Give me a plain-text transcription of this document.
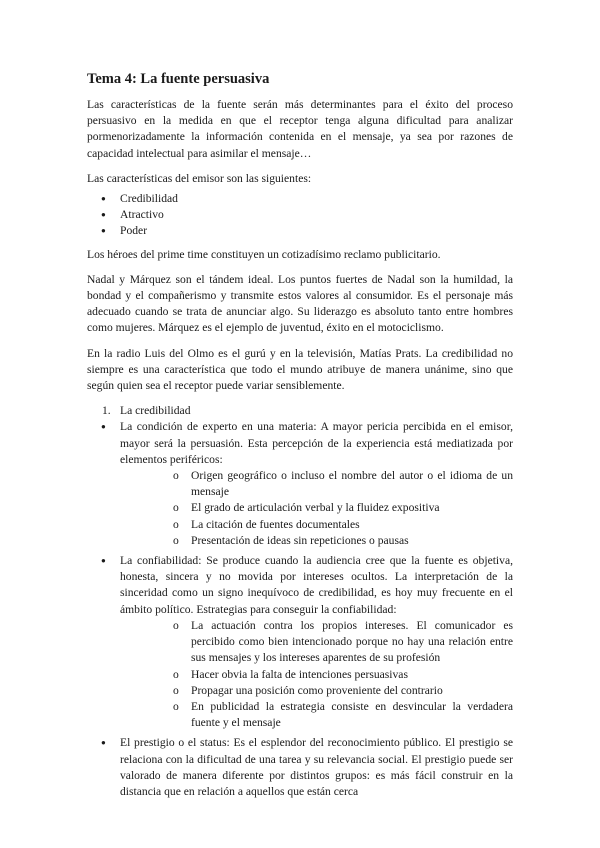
Tema 4: La fuente persuasiva

Las características de la fuente serán más determinantes para el éxito del proceso persuasivo en la medida en que el receptor tenga alguna dificultad para analizar pormenorizadamente la información contenida en el mensaje, ya sea por razones de capacidad intelectual para asimilar el mensaje…

Las características del emisor son las siguientes:

● Credibilidad
● Atractivo
● Poder

Los héroes del prime time constituyen un cotizadísimo reclamo publicitario.

Nadal y Márquez son el tándem ideal. Los puntos fuertes de Nadal son la humildad, la bondad y el compañerismo y transmite estos valores al consumidor. Es el personaje más adecuado cuando se trata de anunciar algo. Su liderazgo es absoluto tanto entre hombres como mujeres. Márquez es el ejemplo de juventud, éxito en el motociclismo.

En la radio Luis del Olmo es el gurú y en la televisión, Matías Prats. La credibilidad no siempre es una característica que todo el mundo atribuye de manera unánime, sino que según quien sea el receptor puede variar sensiblemente.

1. La credibilidad
● La condición de experto en una materia: A mayor pericia percibida en el emisor, mayor será la persuasión. Esta percepción de la experiencia está mediatizada por elementos periféricos:
o Origen geográfico o incluso el nombre del autor o el idioma de un mensaje
o El grado de articulación verbal y la fluidez expositiva
o La citación de fuentes documentales
o Presentación de ideas sin repeticiones o pausas
● La confiabilidad: Se produce cuando la audiencia cree que la fuente es objetiva, honesta, sincera y no movida por intereses ocultos. La interpretación de la sinceridad como un signo inequívoco de credibilidad, es hoy muy frecuente en el ámbito político. Estrategias para conseguir la confiabilidad:
o La actuación contra los propios intereses. El comunicador es percibido como bien intencionado porque no hay una relación entre sus mensajes y los intereses aparentes de su profesión
o Hacer obvia la falta de intenciones persuasivas
o Propagar una posición como proveniente del contrario
o En publicidad la estrategia consiste en desvincular la verdadera fuente y el mensaje
● El prestigio o el status: Es el esplendor del reconocimiento público. El prestigio se relaciona con la dificultad de una tarea y su relevancia social. El prestigio puede ser valorado de manera diferente por distintos grupos: es más fácil construir en la distancia que en relación a aquellos que están cerca
